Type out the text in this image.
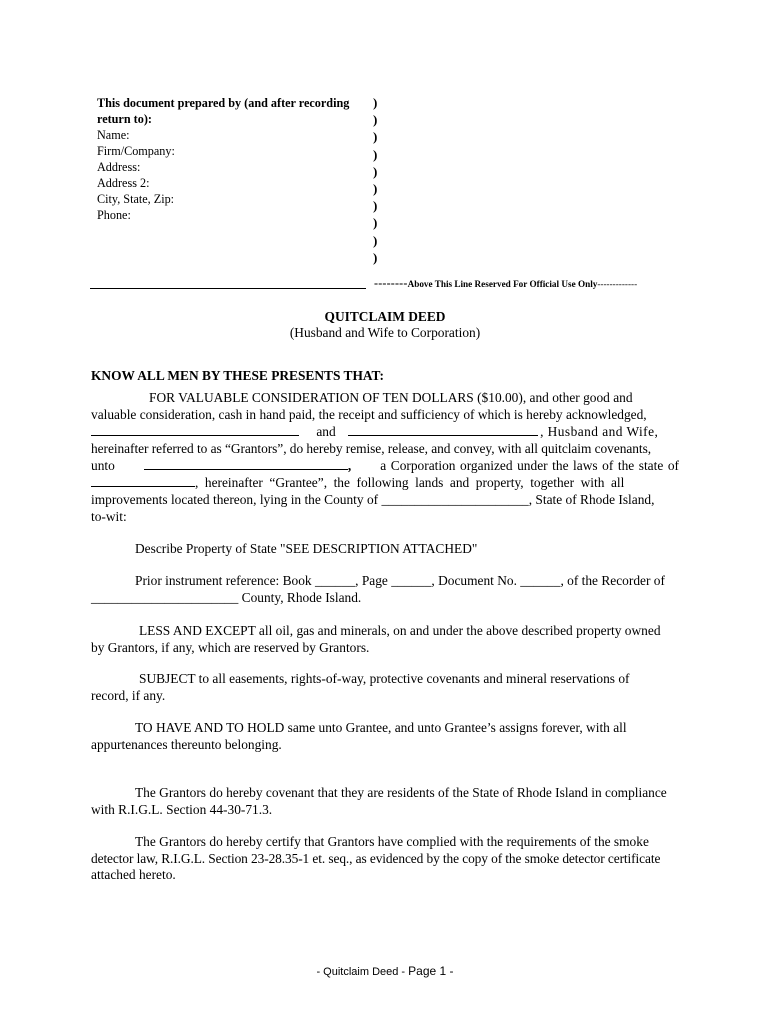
This document prepared by (and after recording
return to):
Name:
Firm/Company:
Address:
Address 2:
City, State, Zip:
Phone:
)
)
)
)
)
)
)
)
)
)
--------Above This Line Reserved For Official Use Only-------------
QUITCLAIM DEED
(Husband and Wife to Corporation)
KNOW ALL MEN BY THESE PRESENTS THAT:
FOR VALUABLE CONSIDERATION OF TEN DOLLARS ($10.00), and other good and
valuable consideration, cash in hand paid, the receipt and sufficiency of which is hereby acknowledged,
and	, Husband and Wife,
hereinafter referred to as “Grantors”, do hereby remise, release, and convey, with all quitclaim covenants,
unto	, a Corporation organized under the laws of the state of
, hereinafter “Grantee”, the following lands and property, together with all
improvements located thereon, lying in the County of ______________________, State of Rhode Island,
to-wit:
Describe Property of State "SEE DESCRIPTION ATTACHED"
Prior instrument reference: Book ______, Page ______, Document No. ______, of the Recorder of
______________________ County, Rhode Island.
LESS AND EXCEPT all oil, gas and minerals, on and under the above described property owned
by Grantors, if any, which are reserved by Grantors.
SUBJECT to all easements, rights-of-way, protective covenants and mineral reservations of
record, if any.
TO HAVE AND TO HOLD same unto Grantee, and unto Grantee’s assigns forever, with all
appurtenances thereunto belonging.
The Grantors do hereby covenant that they are residents of the State of Rhode Island in compliance
with R.I.G.L. Section 44-30-71.3.
The Grantors do hereby certify that Grantors have complied with the requirements of the smoke
detector law, R.I.G.L. Section 23-28.35-1 et. seq., as evidenced by the copy of the smoke detector certificate
attached hereto.
- Quitclaim Deed - Page 1 -
